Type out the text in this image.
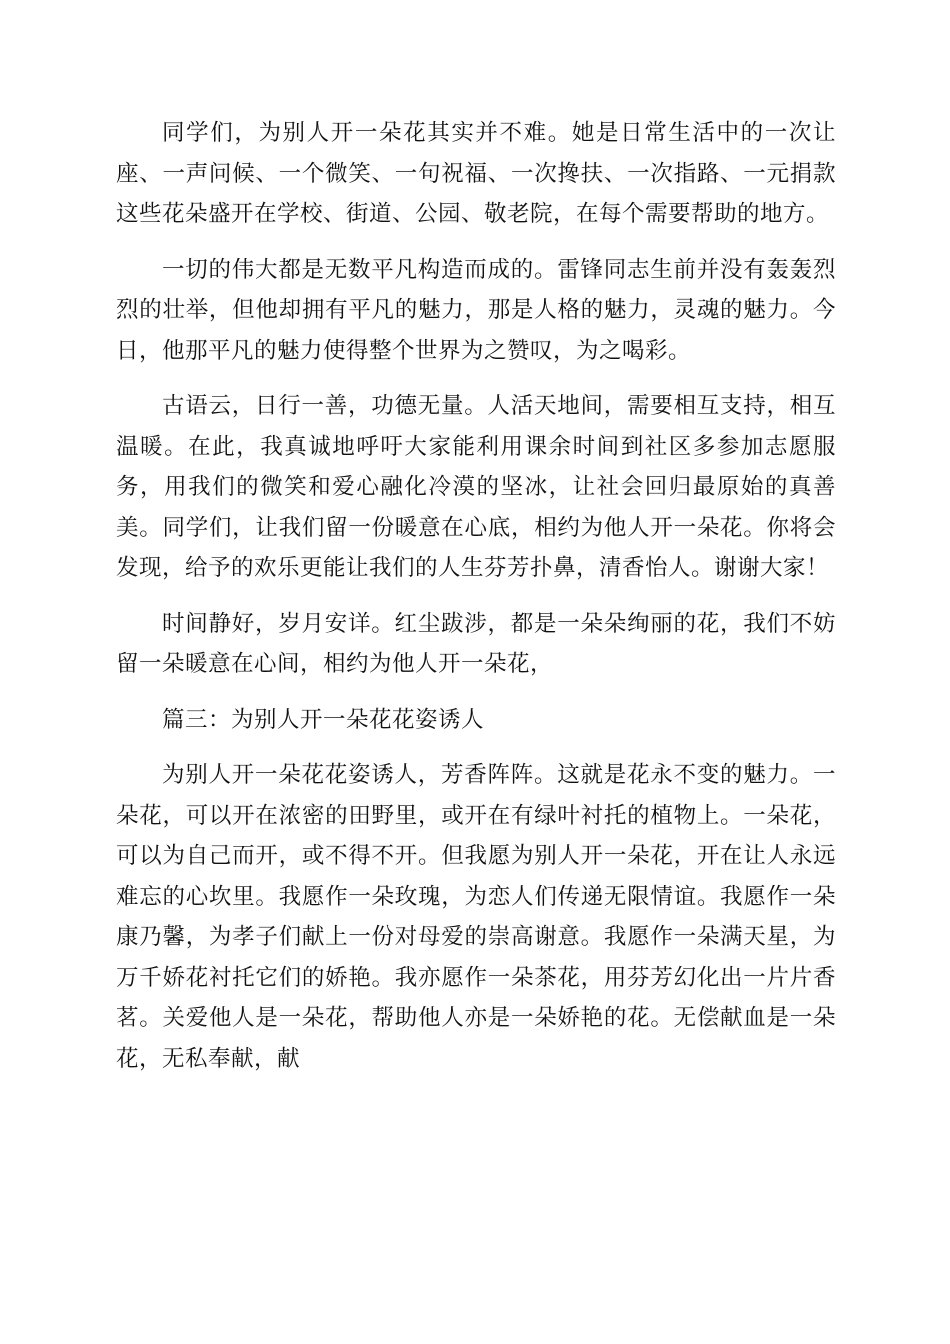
同学们，为别人开一朵花其实并不难。她是日常生活中的一次让座、一声问候、一个微笑、一句祝福、一次搀扶、一次指路、一元捐款这些花朵盛开在学校、街道、公园、敬老院，在每个需要帮助的地方。

一切的伟大都是无数平凡构造而成的。雷锋同志生前并没有轰轰烈烈的壮举，但他却拥有平凡的魅力，那是人格的魅力，灵魂的魅力。今日，他那平凡的魅力使得整个世界为之赞叹，为之喝彩。

古语云，日行一善，功德无量。人活天地间，需要相互支持，相互温暖。在此，我真诚地呼吁大家能利用课余时间到社区多参加志愿服务，用我们的微笑和爱心融化冷漠的坚冰，让社会回归最原始的真善美。同学们，让我们留一份暖意在心底，相约为他人开一朵花。你将会发现，给予的欢乐更能让我们的人生芬芳扑鼻，清香怡人。谢谢大家！

时间静好，岁月安详。红尘跋涉，都是一朵朵绚丽的花，我们不妨留一朵暖意在心间，相约为他人开一朵花，

篇三：为别人开一朵花花姿诱人

为别人开一朵花花姿诱人，芳香阵阵。这就是花永不变的魅力。一朵花，可以开在浓密的田野里，或开在有绿叶衬托的植物上。一朵花，可以为自己而开，或不得不开。但我愿为别人开一朵花，开在让人永远难忘的心坎里。我愿作一朵玫瑰，为恋人们传递无限情谊。我愿作一朵康乃馨，为孝子们献上一份对母爱的崇高谢意。我愿作一朵满天星，为万千娇花衬托它们的娇艳。我亦愿作一朵茶花，用芬芳幻化出一片片香茗。关爱他人是一朵花，帮助他人亦是一朵娇艳的花。无偿献血是一朵花，无私奉献，献
